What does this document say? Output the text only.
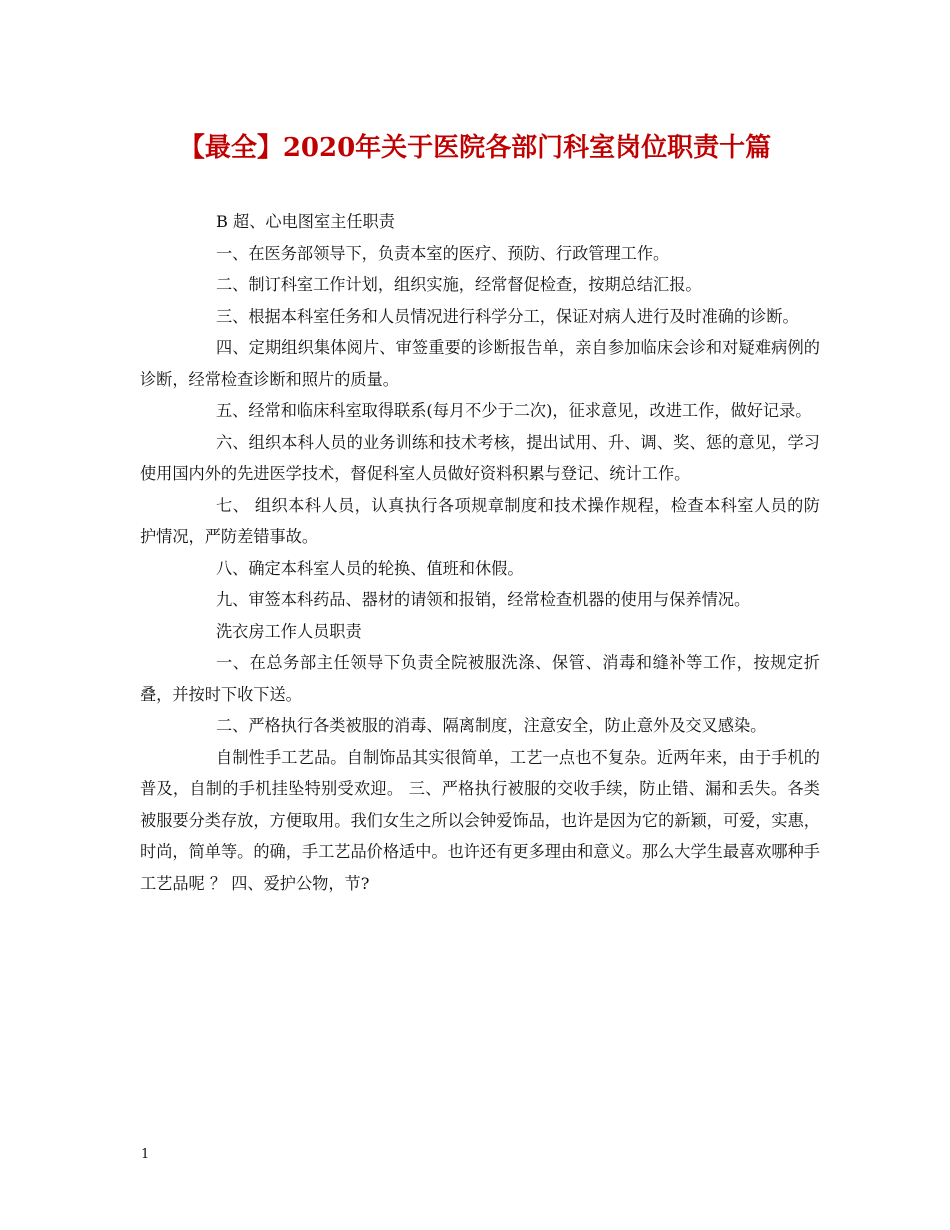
【最全】2020年关于医院各部门科室岗位职责十篇

B 超、心电图室主任职责

一、在医务部领导下，负责本室的医疗、预防、行政管理工作。

二、制订科室工作计划，组织实施，经常督促检查，按期总结汇报。

三、根据本科室任务和人员情况进行科学分工，保证对病人进行及时准确的诊断。

四、定期组织集体阅片、审签重要的诊断报告单，亲自参加临床会诊和对疑难病例的诊断，经常检查诊断和照片的质量。

五、经常和临床科室取得联系(每月不少于二次)，征求意见，改进工作，做好记录。

六、组织本科人员的业务训练和技术考核，提出试用、升、调、奖、惩的意见，学习使用国内外的先进医学技术，督促科室人员做好资料积累与登记、统计工作。

七、 组织本科人员，认真执行各项规章制度和技术操作规程，检查本科室人员的防护情况，严防差错事故。

八、确定本科室人员的轮换、值班和休假。

九、审签本科药品、器材的请领和报销，经常检查机器的使用与保养情况。

洗衣房工作人员职责

一、在总务部主任领导下负责全院被服洗涤、保管、消毒和缝补等工作，按规定折叠，并按时下收下送。

二、严格执行各类被服的消毒、隔离制度，注意安全，防止意外及交叉感染。

自制性手工艺品。自制饰品其实很简单，工艺一点也不复杂。近两年来，由于手机的普及，自制的手机挂坠特别受欢迎。 三、严格执行被服的交收手续，防止错、漏和丢失。各类被服要分类存放，方便取用。我们女生之所以会钟爱饰品，也许是因为它的新颖，可爱，实惠，时尚，简单等。的确，手工艺品价格适中。也许还有更多理由和意义。那么大学生最喜欢哪种手工艺品呢 ？ 四、爱护公物，节?

1
